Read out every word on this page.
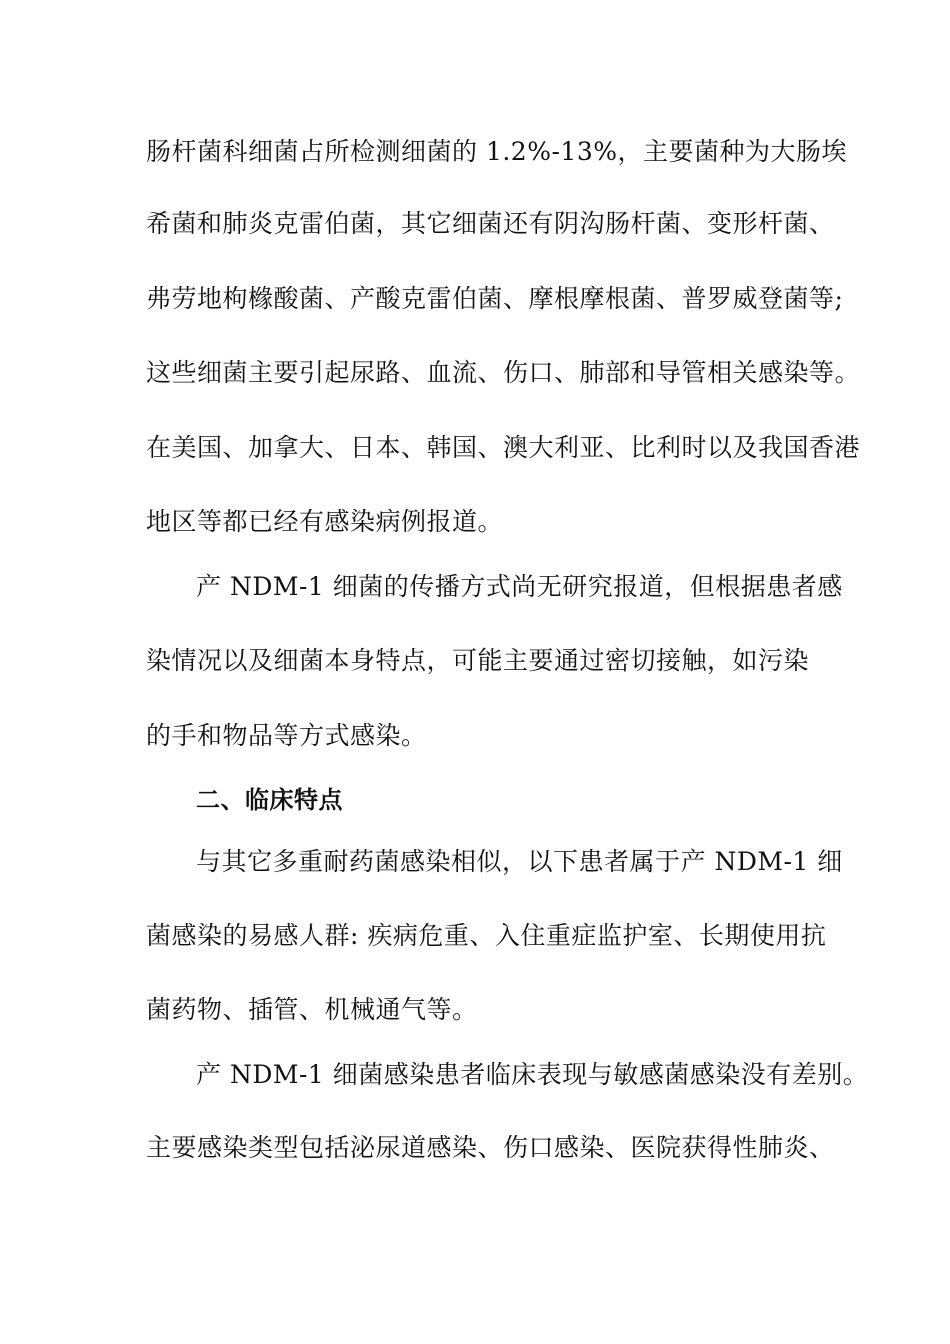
肠杆菌科细菌占所检测细菌的 1.2%-13%，主要菌种为大肠埃
希菌和肺炎克雷伯菌，其它细菌还有阴沟肠杆菌、变形杆菌、
弗劳地枸橼酸菌、产酸克雷伯菌、摩根摩根菌、普罗威登菌等;
这些细菌主要引起尿路、血流、伤口、肺部和导管相关感染等。
在美国、加拿大、日本、韩国、澳大利亚、比利时以及我国香港
地区等都已经有感染病例报道。
产 NDM-1 细菌的传播方式尚无研究报道，但根据患者感
染情况以及细菌本身特点，可能主要通过密切接触，如污染
的手和物品等方式感染。
二、临床特点
与其它多重耐药菌感染相似，以下患者属于产 NDM-1 细
菌感染的易感人群: 疾病危重、入住重症监护室、长期使用抗
菌药物、插管、机械通气等。
产 NDM-1 细菌感染患者临床表现与敏感菌感染没有差别。
主要感染类型包括泌尿道感染、伤口感染、医院获得性肺炎、
